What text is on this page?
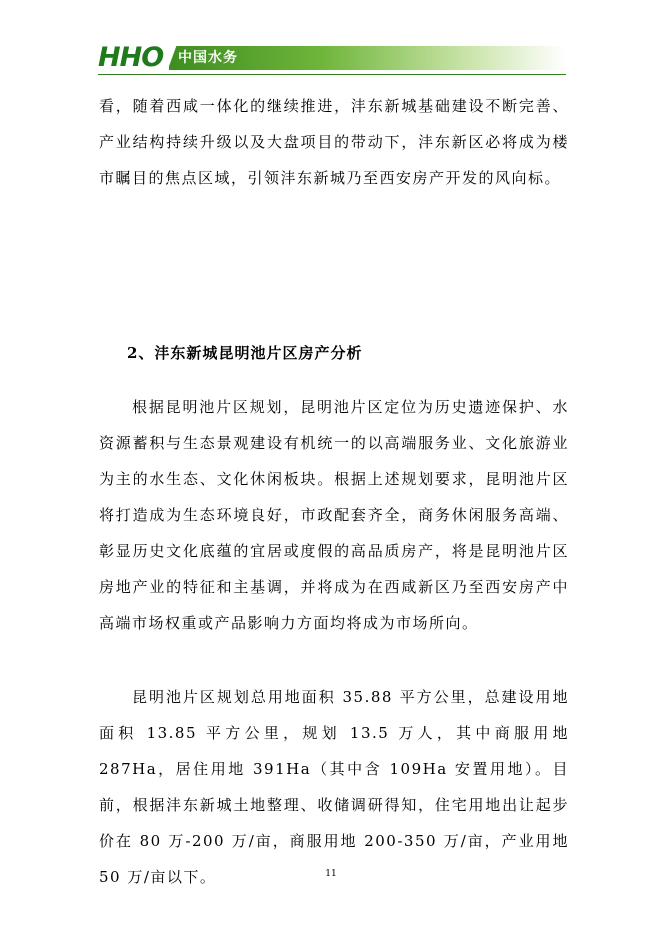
HHO	中国水务

看，随着西咸一体化的继续推进，沣东新城基础建设不断完善、产业结构持续升级以及大盘项目的带动下，沣东新区必将成为楼市瞩目的焦点区域，引领沣东新城乃至西安房产开发的风向标。

2、沣东新城昆明池片区房产分析

根据昆明池片区规划，昆明池片区定位为历史遗迹保护、水资源蓄积与生态景观建设有机统一的以高端服务业、文化旅游业为主的水生态、文化休闲板块。根据上述规划要求，昆明池片区将打造成为生态环境良好，市政配套齐全，商务休闲服务高端、彰显历史文化底蕴的宜居或度假的高品质房产，将是昆明池片区房地产业的特征和主基调，并将成为在西咸新区乃至西安房产中高端市场权重或产品影响力方面均将成为市场所向。

昆明池片区规划总用地面积 35.88 平方公里，总建设用地面积 13.85 平方公里，规划 13.5 万人，其中商服用地 287Ha，居住用地 391Ha（其中含 109Ha 安置用地）。目前，根据沣东新城土地整理、收储调研得知，住宅用地出让起步价在 80 万-200 万/亩，商服用地 200-350 万/亩，产业用地 50 万/亩以下。	11
